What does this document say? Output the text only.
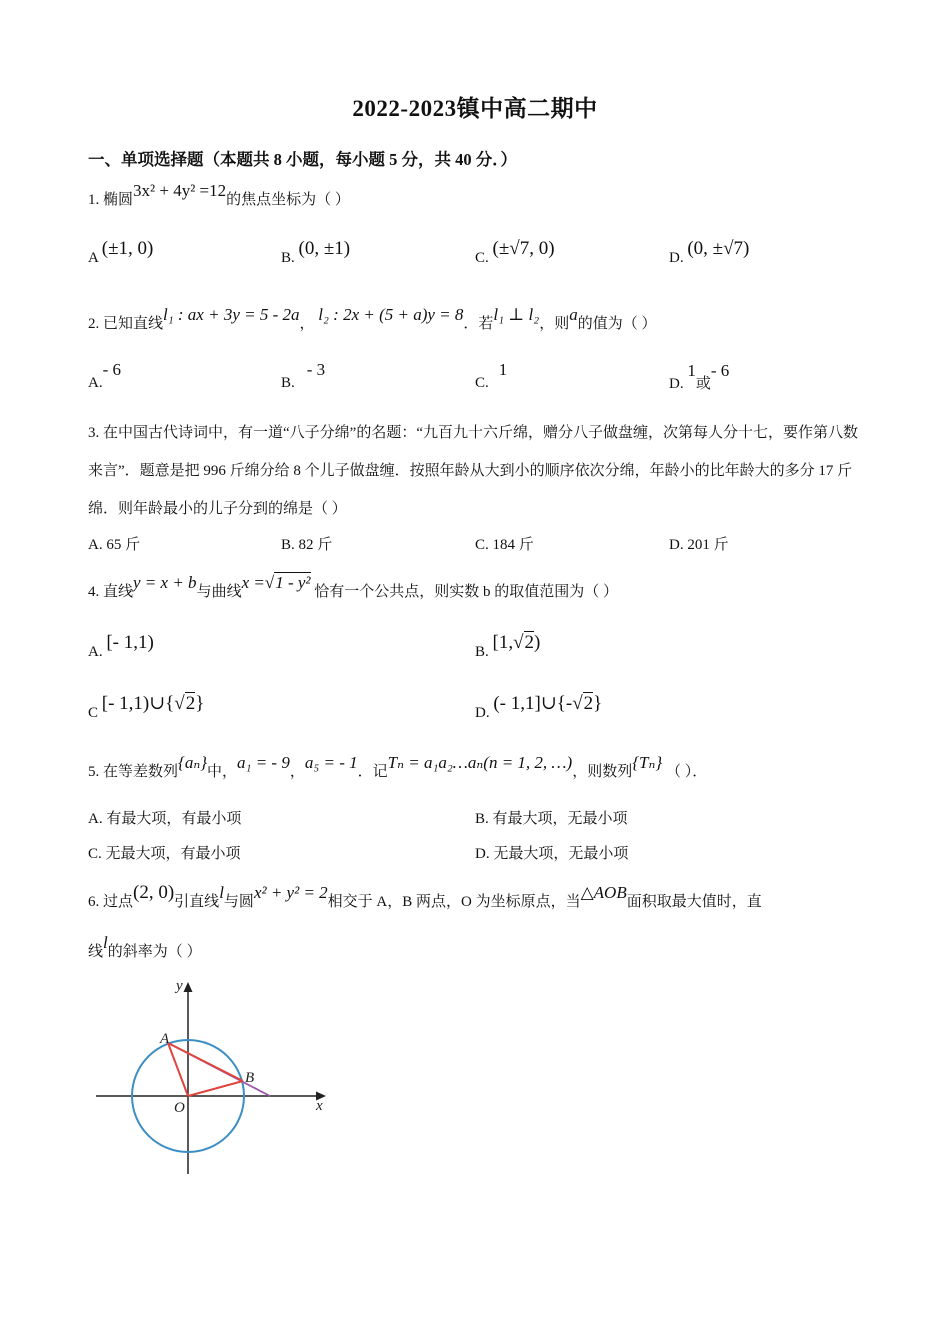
2022-2023镇中高二期中
一、单项选择题（本题共 8 小题，每小题 5 分，共 40 分．）
1. 椭圆3x² + 4y² =12的焦点坐标为（ ）
A (±1, 0)	B. (0, ±1)	C. (±√7, 0)	D. (0, ±√7)
2. 已知直线l₁ : ax + 3y = 5 - 2a， l₂ : 2x + (5 + a)y = 8．若l₁ ⊥ l₂，则a的值为（ ）
A.- 6
B.- 3
C.1
D. 1或- 6
3. 在中国古代诗词中，有一道“八子分绵”的名题：“九百九十六斤绵，赠分八子做盘缠，次第每人分十七，要作第八数来言”．题意是把 996 斤绵分给 8 个儿子做盘缠．按照年龄从大到小的顺序依次分绵，年龄小的比年龄大的多分 17 斤绵．则年龄最小的儿子分到的绵是（ ）
A. 65 斤	B. 82 斤	C. 184 斤	D. 201 斤
4. 直线y = x + b与曲线x =√1 - y² 恰有一个公共点，则实数 b 的取值范围为（ ）
A. [- 1,1)	B. [1,√2)
C [- 1,1)∪{√2}	D. (- 1,1]∪{-√2}
5. 在等差数列{aₙ}中，a₁ = - 9，a₅ = - 1．记Tₙ = a₁a₂…aₙ(n = 1, 2, …)，则数列{Tₙ} （ ）．
A. 有最大项，有最小项	B. 有最大项，无最小项
C. 无最大项，有最小项	D. 无最大项，无最小项
6. 过点(2, 0)引直线l与圆x² + y² = 2相交于 A，B 两点，O 为坐标原点，当△AOB面积取最大值时，直
线l的斜率为（ ）
y
x
A
B
O
